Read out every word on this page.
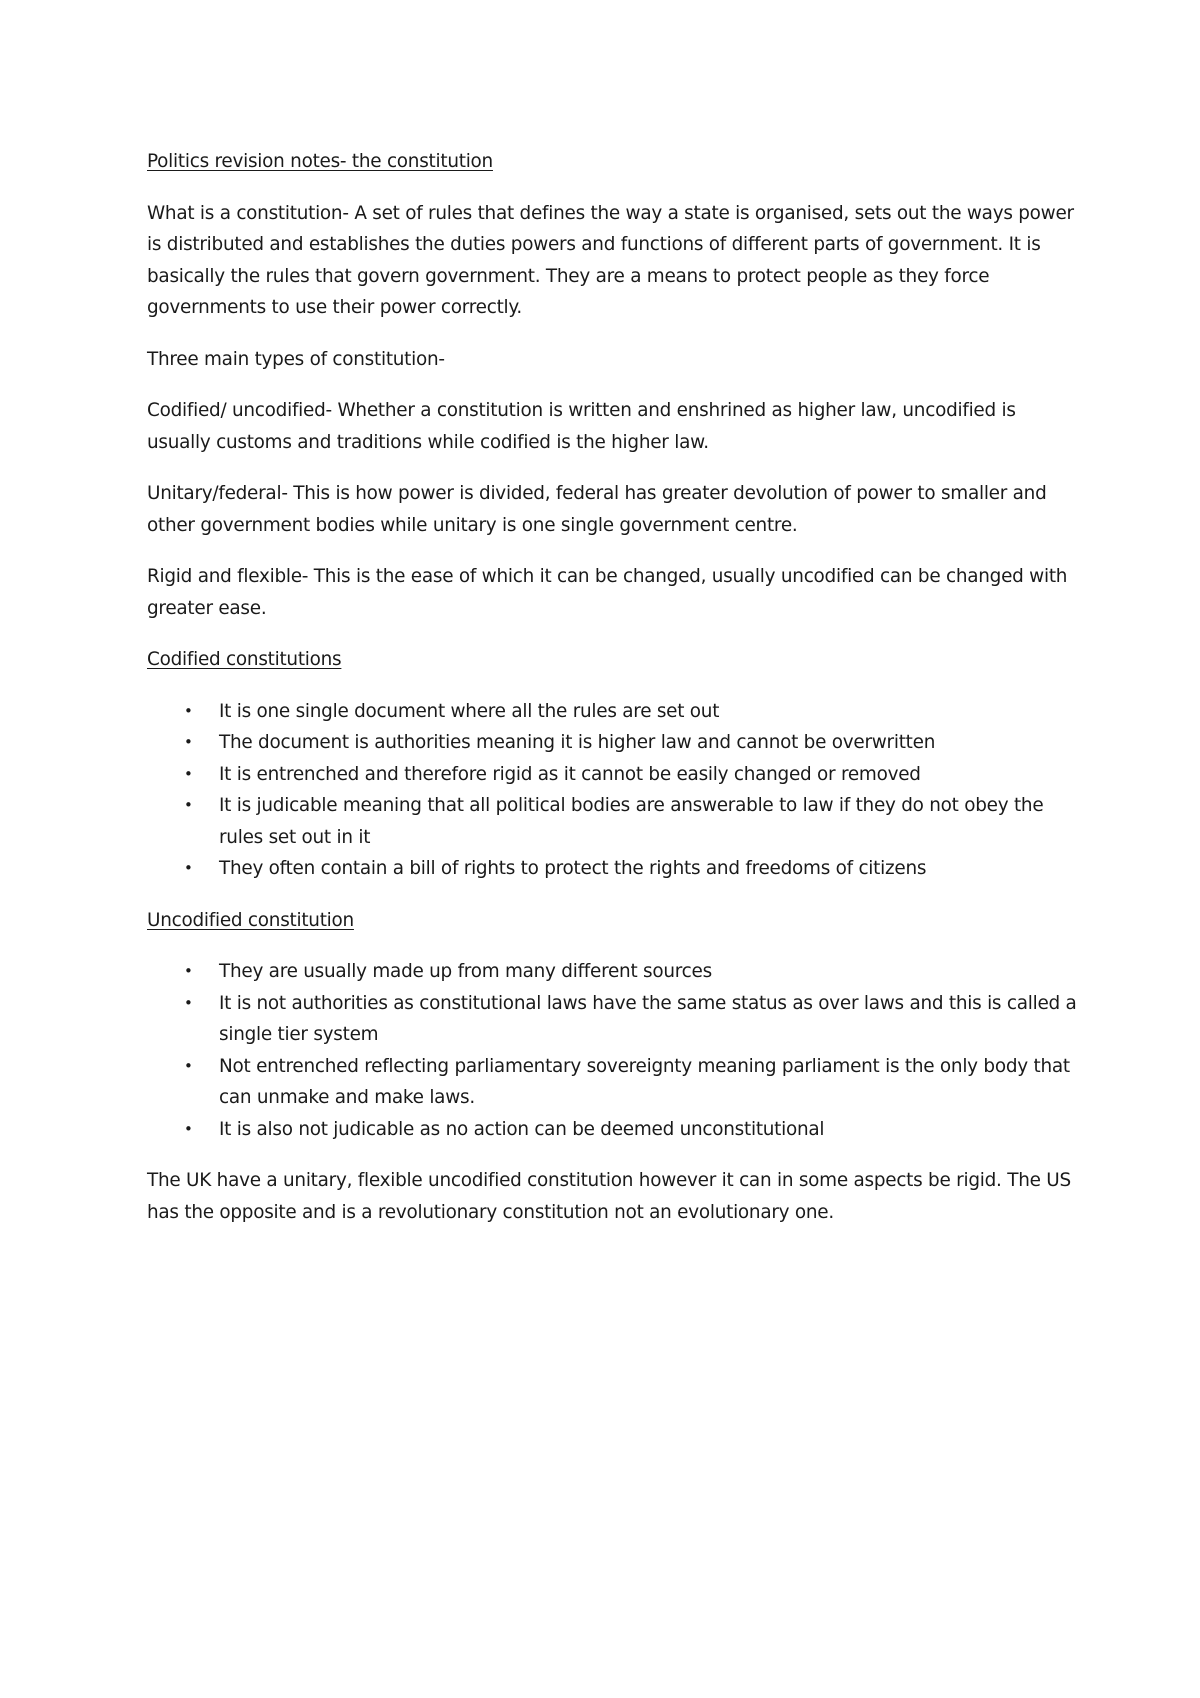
Politics revision notes- the constitution

What is a constitution- A set of rules that defines the way a state is organised, sets out the ways power is distributed and establishes the duties powers and functions of different parts of government. It is basically the rules that govern government. They are a means to protect people as they force governments to use their power correctly.

Three main types of constitution-

Codified/ uncodified- Whether a constitution is written and enshrined as higher law, uncodified is usually customs and traditions while codified is the higher law.

Unitary/federal- This is how power is divided, federal has greater devolution of power to smaller and other government bodies while unitary is one single government centre.

Rigid and flexible- This is the ease of which it can be changed, usually uncodified can be changed with greater ease.

Codified constitutions

• It is one single document where all the rules are set out
• The document is authorities meaning it is higher law and cannot be overwritten
• It is entrenched and therefore rigid as it cannot be easily changed or removed
• It is judicable meaning that all political bodies are answerable to law if they do not obey the rules set out in it
• They often contain a bill of rights to protect the rights and freedoms of citizens

Uncodified constitution

• They are usually made up from many different sources
• It is not authorities as constitutional laws have the same status as over laws and this is called a single tier system
• Not entrenched reflecting parliamentary sovereignty meaning parliament is the only body that can unmake and make laws.
• It is also not judicable as no action can be deemed unconstitutional

The UK have a unitary, flexible uncodified constitution however it can in some aspects be rigid. The US has the opposite and is a revolutionary constitution not an evolutionary one.
